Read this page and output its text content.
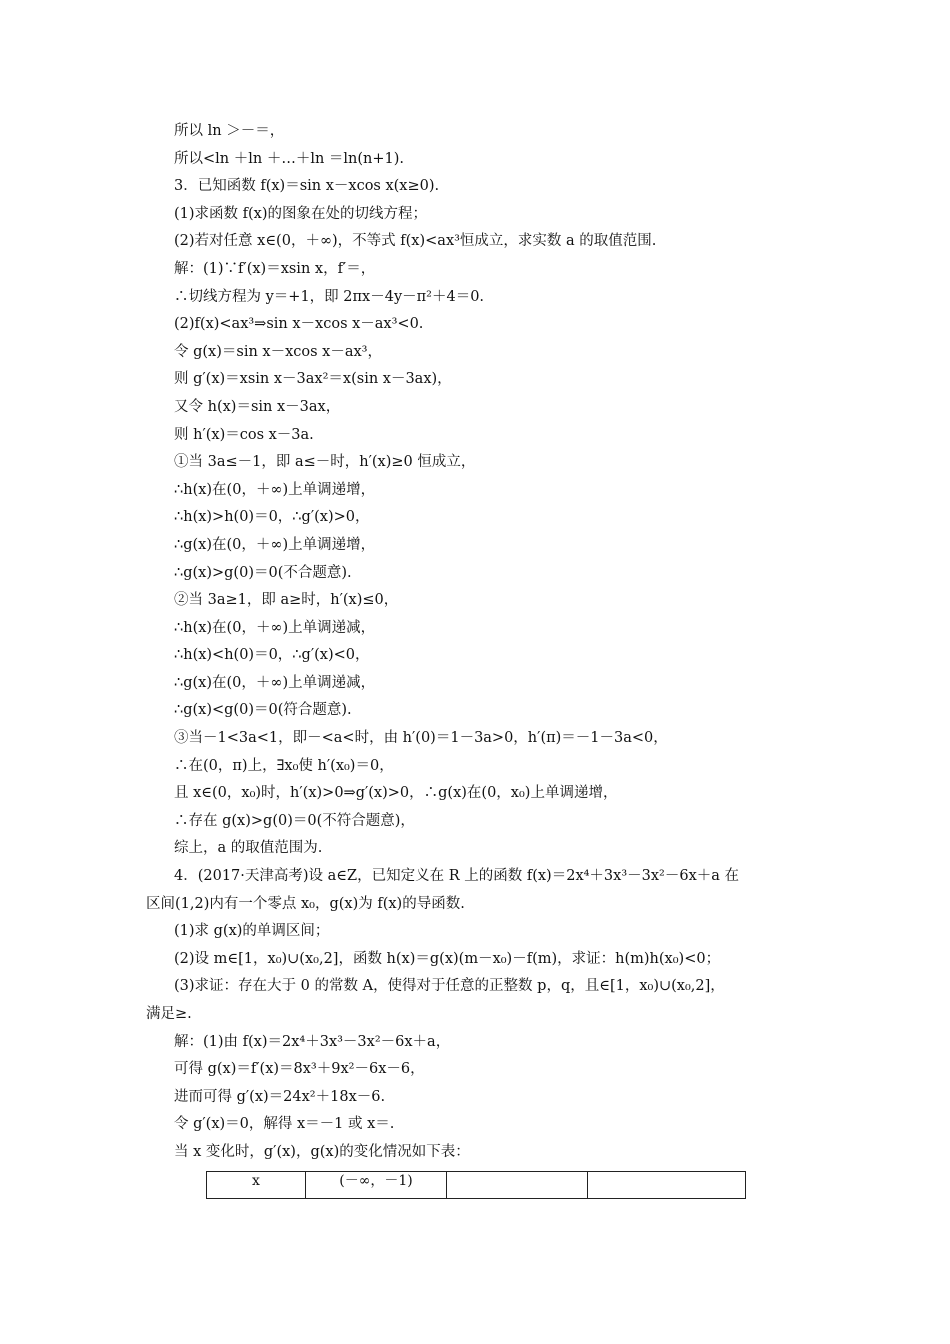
所以 ln ＞－＝，
所以<ln ＋ln ＋…＋ln ＝ln(n+1).
3．已知函数 f(x)＝sin x－xcos x(x≥0).
(1)求函数 f(x)的图象在处的切线方程；
(2)若对任意 x∈(0，＋∞)，不等式 f(x)<ax³恒成立，求实数 a 的取值范围.
解：(1)∵f′(x)＝xsin x，f′＝，
∴切线方程为 y＝+1，即 2πx－4y－π²＋4＝0.
(2)f(x)<ax³⇒sin x－xcos x－ax³<0.
令 g(x)＝sin x－xcos x－ax³，
则 g′(x)＝xsin x－3ax²＝x(sin x－3ax)，
又令 h(x)＝sin x－3ax，
则 h′(x)＝cos x－3a.
①当 3a≤－1，即 a≤－时，h′(x)≥0 恒成立，
∴h(x)在(0，＋∞)上单调递增，
∴h(x)>h(0)＝0，∴g′(x)>0，
∴g(x)在(0，＋∞)上单调递增，
∴g(x)>g(0)＝0(不合题意).
②当 3a≥1，即 a≥时，h′(x)≤0，
∴h(x)在(0，＋∞)上单调递减，
∴h(x)<h(0)＝0，∴g′(x)<0，
∴g(x)在(0，＋∞)上单调递减，
∴g(x)<g(0)＝0(符合题意).
③当－1<3a<1，即－<a<时，由 h′(0)＝1－3a>0，h′(π)＝－1－3a<0，
∴在(0，π)上，∃x₀使 h′(x₀)＝0，
且 x∈(0，x₀)时，h′(x)>0⇒g′(x)>0，∴g(x)在(0，x₀)上单调递增，
∴存在 g(x)>g(0)＝0(不符合题意)，
综上，a 的取值范围为.
4．(2017·天津高考)设 a∈Z，已知定义在 R 上的函数 f(x)＝2x⁴＋3x³－3x²－6x＋a 在
区间(1,2)内有一个零点 x₀，g(x)为 f(x)的导函数.
(1)求 g(x)的单调区间；
(2)设 m∈[1，x₀)∪(x₀,2]，函数 h(x)＝g(x)(m－x₀)－f(m)，求证：h(m)h(x₀)<0；
(3)求证：存在大于 0 的常数 A，使得对于任意的正整数 p，q，且∈[1，x₀)∪(x₀,2]，
满足≥.
解：(1)由 f(x)＝2x⁴＋3x³－3x²－6x＋a，
可得 g(x)＝f′(x)＝8x³＋9x²－6x－6，
进而可得 g′(x)＝24x²＋18x－6.
令 g′(x)＝0，解得 x＝－1 或 x＝.
当 x 变化时，g′(x)，g(x)的变化情况如下表：
x	(－∞，－1)		
